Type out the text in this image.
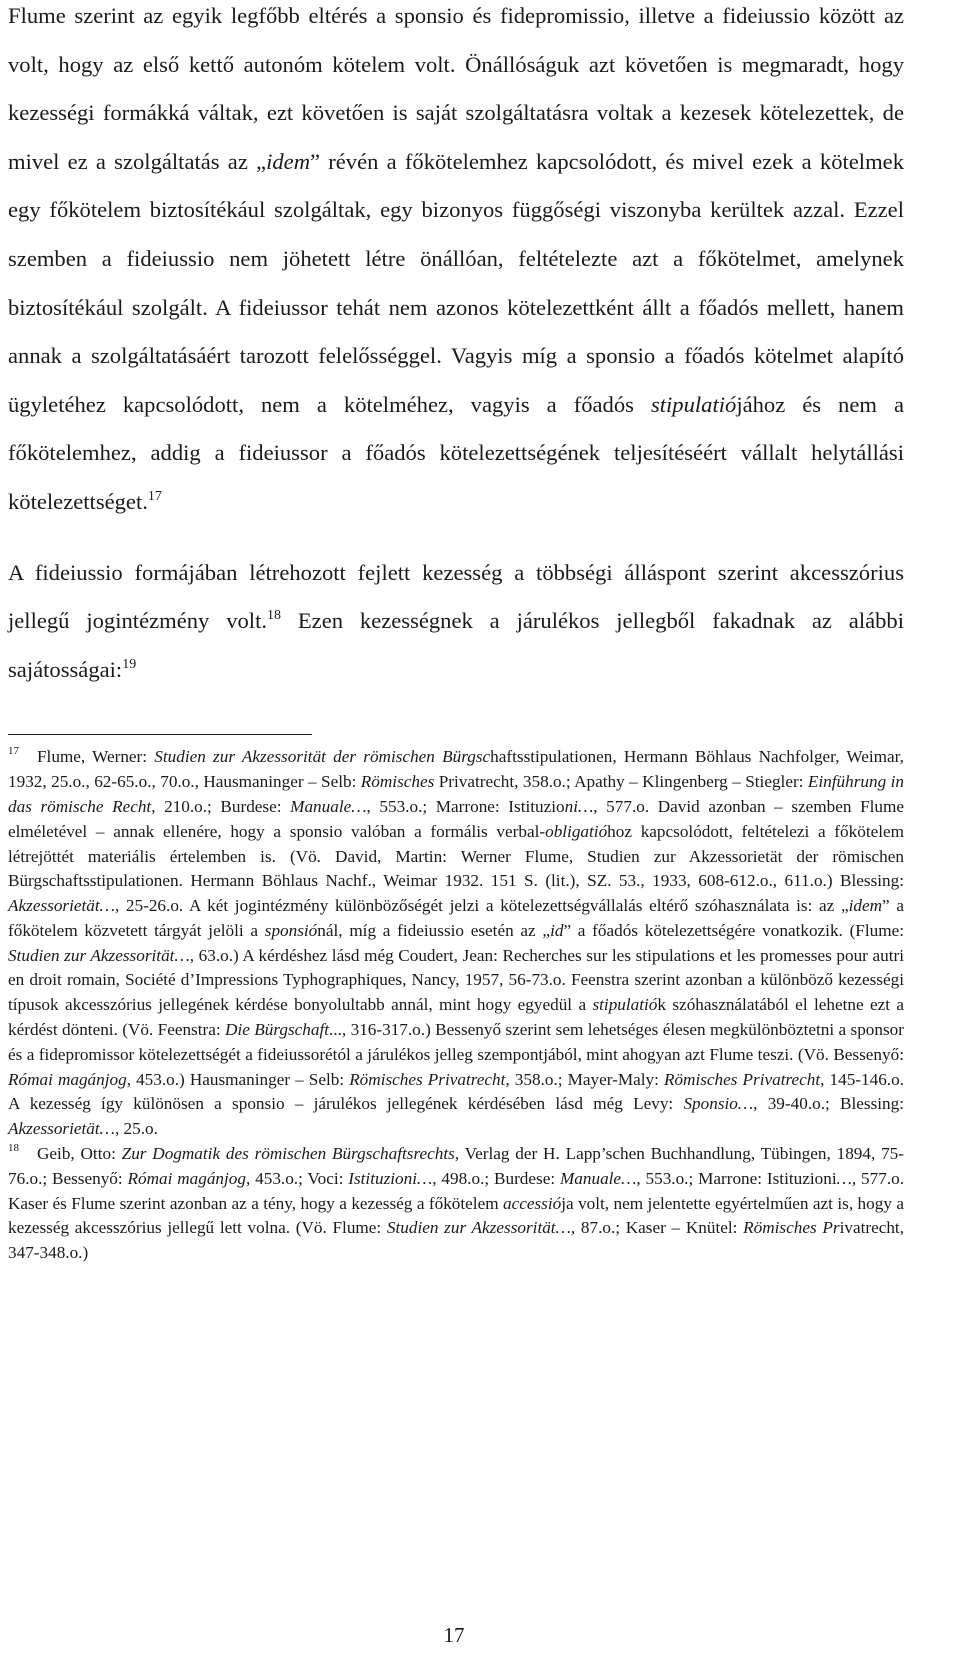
Flume szerint az egyik legfőbb eltérés a sponsio és fidepromissio, illetve a fideiussio között az volt, hogy az első kettő autonóm kötelem volt. Önállóságuk azt követően is megmaradt, hogy kezességi formákká váltak, ezt követően is saját szolgáltatásra voltak a kezesek kötelezettek, de mivel ez a szolgáltatás az „idem” révén a főkötelemhez kapcsolódott, és mivel ezek a kötelmek egy főkötelem biztosítékául szolgáltak, egy bizonyos függőségi viszonyba kerültek azzal. Ezzel szemben a fideiussio nem jöhetett létre önállóan, feltételezte azt a főkötelmet, amelynek biztosítékául szolgált. A fideiussor tehát nem azonos kötelezettként állt a főadós mellett, hanem annak a szolgáltatásáért tarozott felelősséggel. Vagyis míg a sponsio a főadós kötelmet alapító ügyletéhez kapcsolódott, nem a kötelméhez, vagyis a főadós stipulatiójához és nem a főkötelemhez, addig a fideiussor a főadós kötelezettségének teljesítéséért vállalt helytállási kötelezettséget.$^{17}$

A fideiussio formájában létrehozott fejlett kezesség a többségi álláspont szerint akcesszórius jellegű jogintézmény volt.$^{18}$ Ezen kezességnek a járulékos jellegből fakadnak az alábbi sajátosságai:$^{19}$

$^{17}$ Flume, Werner: Studien zur Akzessorität der römischen Bürgschaftsstipulationen, Hermann Böhlaus Nachfolger, Weimar, 1932, 25.o., 62-65.o., 70.o., Hausmaninger – Selb: Römisches Privatrecht, 358.o.; Apathy – Klingenberg – Stiegler: Einführung in das römische Recht, 210.o.; Burdese: Manuale…, 553.o.; Marrone: Istituzioni…, 577.o. David azonban – szemben Flume elméletével – annak ellenére, hogy a sponsio valóban a formális verbal-obligatióhoz kapcsolódott, feltételezi a főkötelem létrejöttét materiális értelemben is. (Vö. David, Martin: Werner Flume, Studien zur Akzessorietät der römischen Bürgschaftsstipulationen. Hermann Böhlaus Nachf., Weimar 1932. 151 S. (lit.), SZ. 53., 1933, 608-612.o., 611.o.) Blessing: Akzessorietät…, 25-26.o. A két jogintézmény különbözőségét jelzi a kötelezettségvállalás eltérő szóhasználata is: az „idem” a főkötelem közvetett tárgyát jelöli a sponsiónál, míg a fideiussio esetén az „id” a főadós kötelezettségére vonatkozik. (Flume: Studien zur Akzessorität…, 63.o.) A kérdéshez lásd még Coudert, Jean: Recherches sur les stipulations et les promesses pour autri en droit romain, Société d’Impressions Typhographiques, Nancy, 1957, 56-73.o. Feenstra szerint azonban a különböző kezességi típusok akcesszórius jellegének kérdése bonyolultabb annál, mint hogy egyedül a stipulatiók szóhasználatából el lehetne ezt a kérdést dönteni. (Vö. Feenstra: Die Bürgschaft..., 316-317.o.) Bessenyő szerint sem lehetséges élesen megkülönböztetni a sponsor és a fidepromissor kötelezettségét a fideiussorétól a járulékos jelleg szempontjából, mint ahogyan azt Flume teszi. (Vö. Bessenyő: Római magánjog, 453.o.) Hausmaninger – Selb: Römisches Privatrecht, 358.o.; Mayer-Maly: Römisches Privatrecht, 145-146.o. A kezesség így különösen a sponsio – járulékos jellegének kérdésében lásd még Levy: Sponsio…, 39-40.o.; Blessing: Akzessorietät…, 25.o.

$^{18}$ Geib, Otto: Zur Dogmatik des römischen Bürgschaftsrechts, Verlag der H. Lapp’schen Buchhandlung, Tübingen, 1894, 75-76.o.; Bessenyő: Római magánjog, 453.o.; Voci: Istituzioni…, 498.o.; Burdese: Manuale…, 553.o.; Marrone: Istituzioni…, 577.o. Kaser és Flume szerint azonban az a tény, hogy a kezesség a főkötelem accessiója volt, nem jelentette egyértelműen azt is, hogy a kezesség akcesszórius jellegű lett volna. (Vö. Flume: Studien zur Akzessorität…, 87.o.; Kaser – Knütel: Römisches Privatrecht, 347-348.o.)

17
